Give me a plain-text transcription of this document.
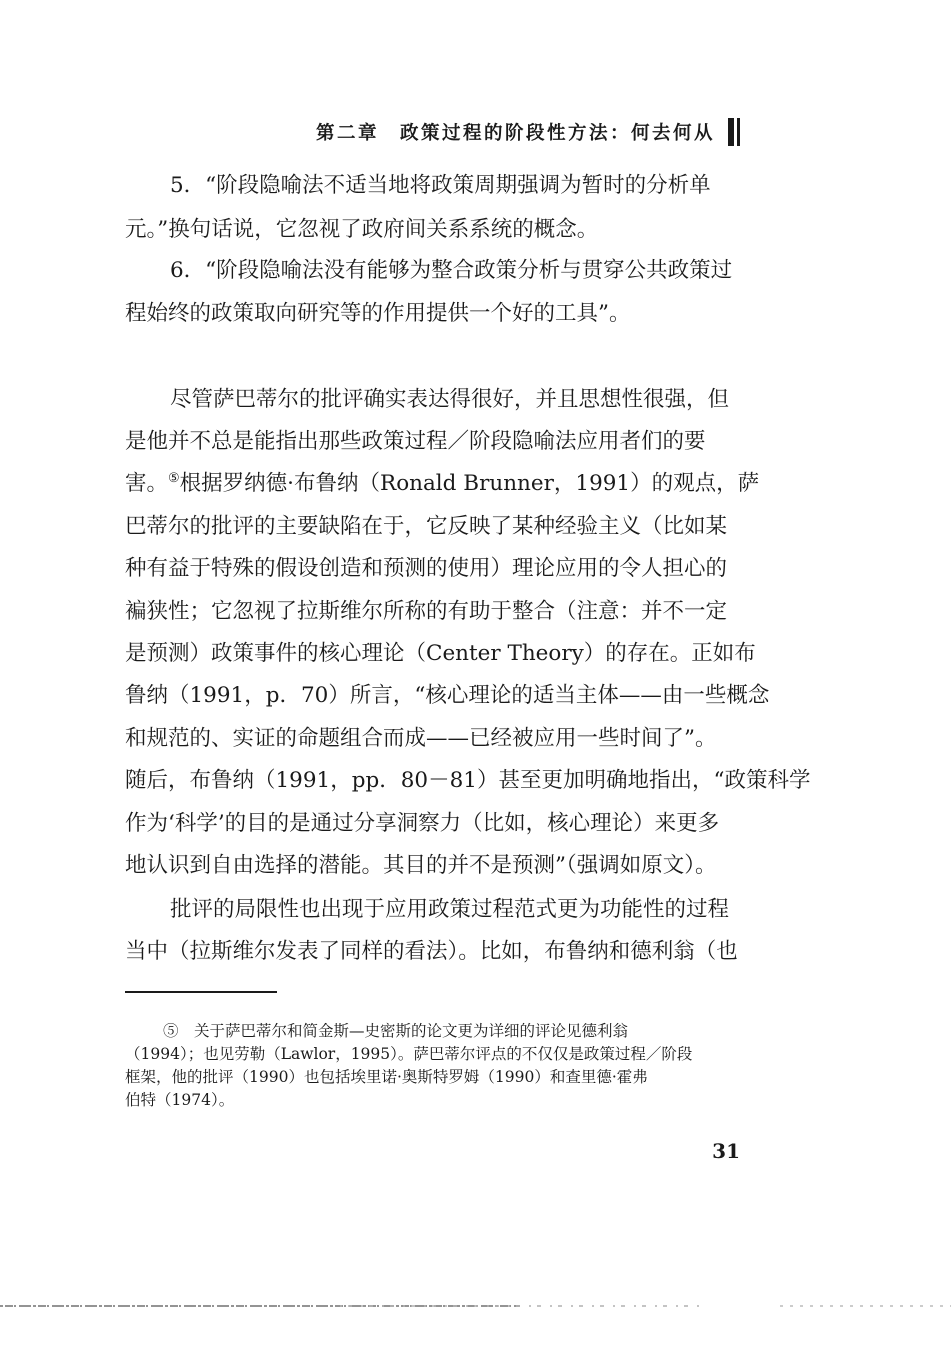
第二章　政策过程的阶段性方法：何去何从
5．“阶段隐喻法不适当地将政策周期强调为暂时的分析单
元。”换句话说，它忽视了政府间关系系统的概念。
6．“阶段隐喻法没有能够为整合政策分析与贯穿公共政策过
程始终的政策取向研究等的作用提供一个好的工具”。
尽管萨巴蒂尔的批评确实表达得很好，并且思想性很强，但
是他并不总是能指出那些政策过程／阶段隐喻法应用者们的要
害。⑤根据罗纳德·布鲁纳（Ronald Brunner，1991）的观点，萨
巴蒂尔的批评的主要缺陷在于，它反映了某种经验主义（比如某
种有益于特殊的假设创造和预测的使用）理论应用的令人担心的
褊狭性；它忽视了拉斯维尔所称的有助于整合（注意：并不一定
是预测）政策事件的核心理论（Center Theory）的存在。正如布
鲁纳（1991，p．70）所言，“核心理论的适当主体——由一些概念
和规范的、实证的命题组合而成——已经被应用一些时间了”。
随后，布鲁纳（1991，pp．80－81）甚至更加明确地指出，“政策科学
作为‘科学’的目的是通过分享洞察力（比如，核心理论）来更多
地认识到自由选择的潜能。其目的并不是预测”（强调如原文）。
批评的局限性也出现于应用政策过程范式更为功能性的过程
当中（拉斯维尔发表了同样的看法）。比如，布鲁纳和德利翁（也
⑤　关于萨巴蒂尔和简金斯—史密斯的论文更为详细的评论见德利翁
（1994）；也见劳勒（Lawlor，1995）。萨巴蒂尔评点的不仅仅是政策过程／阶段
框架，他的批评（1990）也包括埃里诺·奥斯特罗姆（1990）和查里德·霍弗
伯特（1974）。
31
